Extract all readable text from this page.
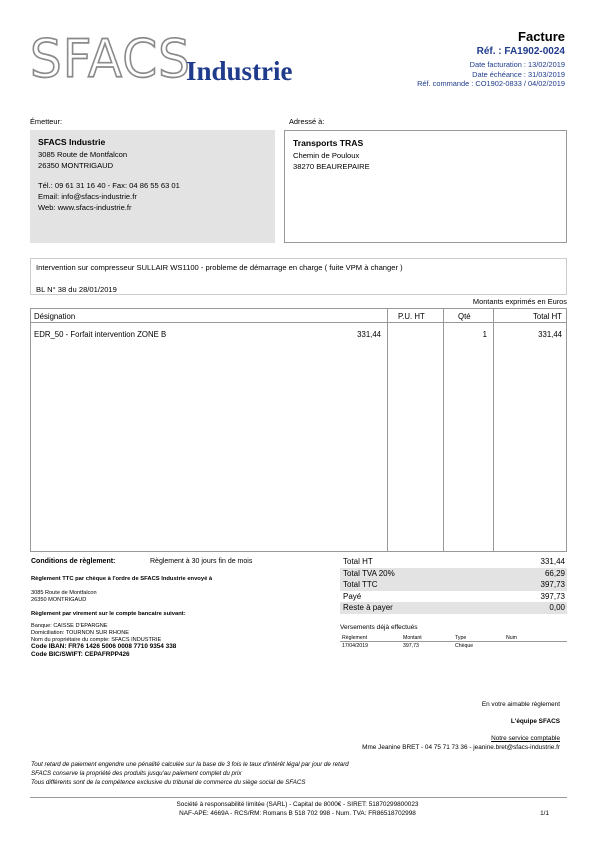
SFACS
Industrie
Facture
Réf. : FA1902-0024
Date facturation : 13/02/2019
Date échéance : 31/03/2019
Réf. commande : CO1902-0833 / 04/02/2019
Émetteur:	Adressé à:
SFACS Industrie
3085 Route de Montfalcon
26350 MONTRIGAUD
Tél.: 09 61 31 16 40 - Fax: 04 86 55 63 01
Email: info@sfacs-industrie.fr
Web: www.sfacs-industrie.fr
Transports TRAS
Chemin de Pouloux
38270 BEAUREPAIRE
Intervention sur compresseur SULLAIR WS1100 - probleme de démarrage en charge ( fuite VPM à changer )
BL N° 38 du 28/01/2019
Montants exprimés en Euros
Désignation	P.U. HT	Qté	Total HT
EDR_50 - Forfait intervention ZONE B	331,44	1	331,44
Conditions de règlement:	Règlement à 30 jours fin de mois
Règlement TTC par chèque à l'ordre de SFACS Industrie envoyé à
3085 Route de Montfalcon
26350 MONTRIGAUD
Règlement par virement sur le compte bancaire suivant:
Banque: CAISSE D'EPARGNE
Domiciliation: TOURNON SUR RHONE
Nom du propriétaire du compte: SFACS INDUSTRIE
Code IBAN: FR76 1426 5006 0008 7710 9354 338
Code BIC/SWIFT: CEPAFRPP426
Total HT	331,44
Total TVA 20%	66,29
Total TTC	397,73
Payé	397,73
Reste à payer	0,00
Versements déjà effectués
Règlement	Montant	Type	Num
17/04/2019	397,73	Chèque
En votre aimable règlement
L'équipe SFACS
Notre service comptable
Mme Jeanine BRET - 04 75 71 73 36 - jeanine.bret@sfacs-industrie.fr
Tout retard de paiement engendre une pénalité calculée sur la base de 3 fois le taux d'intérêt légal par jour de retard
SFACS conserve la propriété des produits jusqu'au paiement complet du prix
Tous différents sont de la compétence exclusive du tribunal de commerce du siège social de SFACS
Société à responsabilité limitée (SARL) - Capital de 8000€ - SIRET: 51870299800023
NAF-APE: 4669A - RCS/RM: Romans B 518 702 998 - Num. TVA: FR86518702998	1/1
